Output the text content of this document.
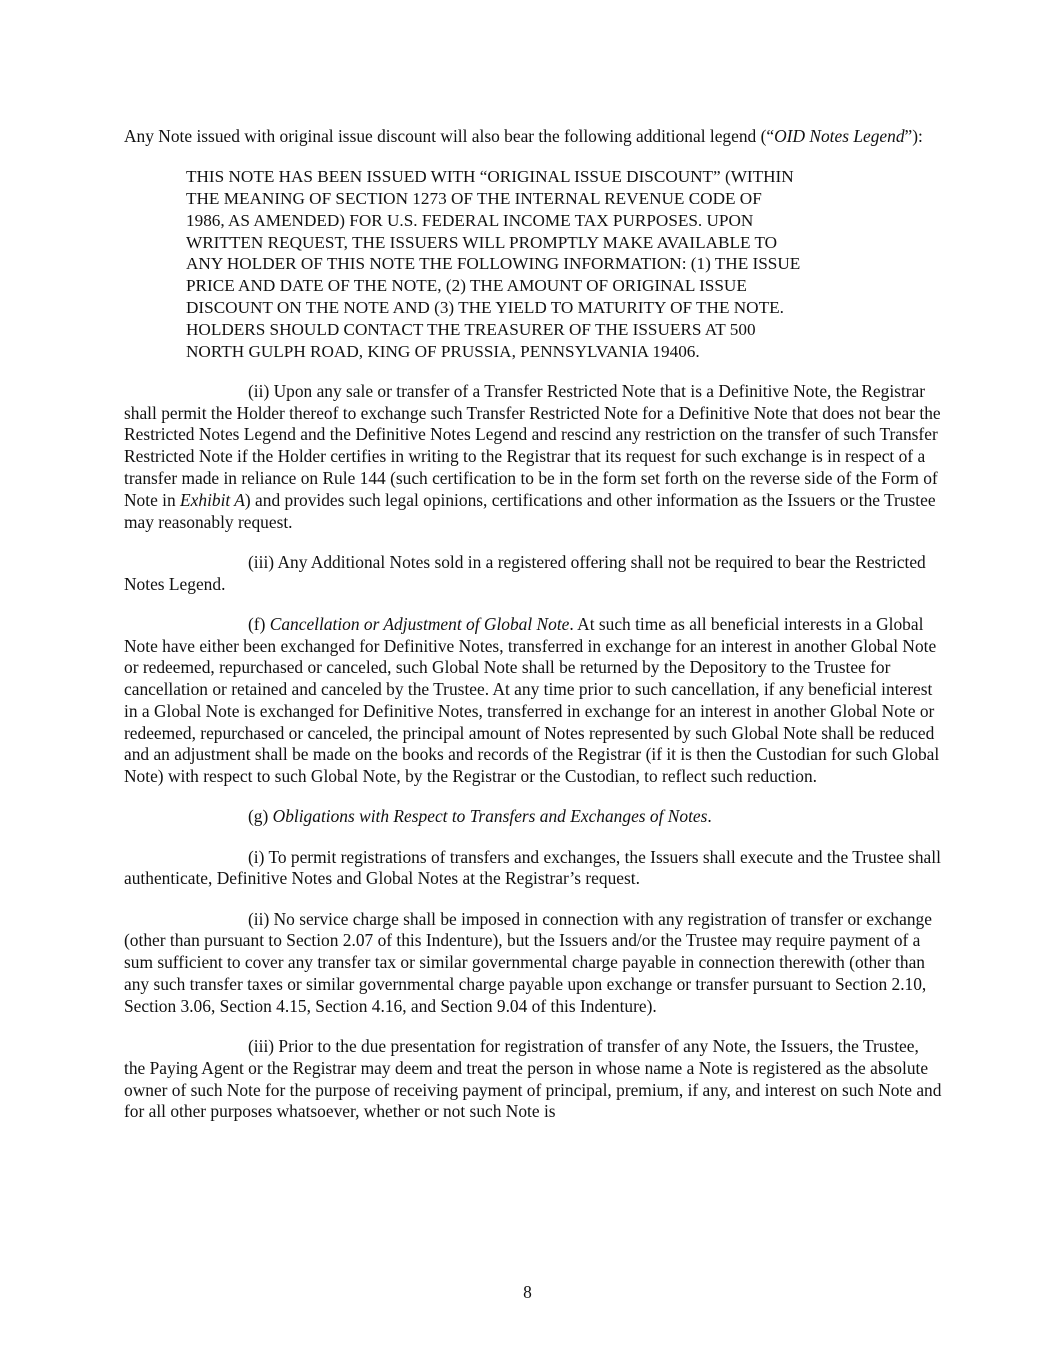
Any Note issued with original issue discount will also bear the following additional legend (“OID Notes Legend”):

THIS NOTE HAS BEEN ISSUED WITH “ORIGINAL ISSUE DISCOUNT” (WITHIN
THE MEANING OF SECTION 1273 OF THE INTERNAL REVENUE CODE OF
1986, AS AMENDED) FOR U.S. FEDERAL INCOME TAX PURPOSES. UPON
WRITTEN REQUEST, THE ISSUERS WILL PROMPTLY MAKE AVAILABLE TO
ANY HOLDER OF THIS NOTE THE FOLLOWING INFORMATION: (1) THE ISSUE
PRICE AND DATE OF THE NOTE, (2) THE AMOUNT OF ORIGINAL ISSUE
DISCOUNT ON THE NOTE AND (3) THE YIELD TO MATURITY OF THE NOTE.
HOLDERS SHOULD CONTACT THE TREASURER OF THE ISSUERS AT 500
NORTH GULPH ROAD, KING OF PRUSSIA, PENNSYLVANIA 19406.

(ii) Upon any sale or transfer of a Transfer Restricted Note that is a Definitive Note, the Registrar shall permit the Holder thereof to exchange such Transfer Restricted Note for a Definitive Note that does not bear the Restricted Notes Legend and the Definitive Notes Legend and rescind any restriction on the transfer of such Transfer Restricted Note if the Holder certifies in writing to the Registrar that its request for such exchange is in respect of a transfer made in reliance on Rule 144 (such certification to be in the form set forth on the reverse side of the Form of Note in Exhibit A) and provides such legal opinions, certifications and other information as the Issuers or the Trustee may reasonably request.

(iii) Any Additional Notes sold in a registered offering shall not be required to bear the Restricted Notes Legend.

(f) Cancellation or Adjustment of Global Note. At such time as all beneficial interests in a Global Note have either been exchanged for Definitive Notes, transferred in exchange for an interest in another Global Note or redeemed, repurchased or canceled, such Global Note shall be returned by the Depository to the Trustee for cancellation or retained and canceled by the Trustee. At any time prior to such cancellation, if any beneficial interest in a Global Note is exchanged for Definitive Notes, transferred in exchange for an interest in another Global Note or redeemed, repurchased or canceled, the principal amount of Notes represented by such Global Note shall be reduced and an adjustment shall be made on the books and records of the Registrar (if it is then the Custodian for such Global Note) with respect to such Global Note, by the Registrar or the Custodian, to reflect such reduction.

(g) Obligations with Respect to Transfers and Exchanges of Notes.

(i) To permit registrations of transfers and exchanges, the Issuers shall execute and the Trustee shall authenticate, Definitive Notes and Global Notes at the Registrar’s request.

(ii) No service charge shall be imposed in connection with any registration of transfer or exchange (other than pursuant to Section 2.07 of this Indenture), but the Issuers and/or the Trustee may require payment of a sum sufficient to cover any transfer tax or similar governmental charge payable in connection therewith (other than any such transfer taxes or similar governmental charge payable upon exchange or transfer pursuant to Section 2.10, Section 3.06, Section 4.15, Section 4.16, and Section 9.04 of this Indenture).

(iii) Prior to the due presentation for registration of transfer of any Note, the Issuers, the Trustee, the Paying Agent or the Registrar may deem and treat the person in whose name a Note is registered as the absolute owner of such Note for the purpose of receiving payment of principal, premium, if any, and interest on such Note and for all other purposes whatsoever, whether or not such Note is

8
